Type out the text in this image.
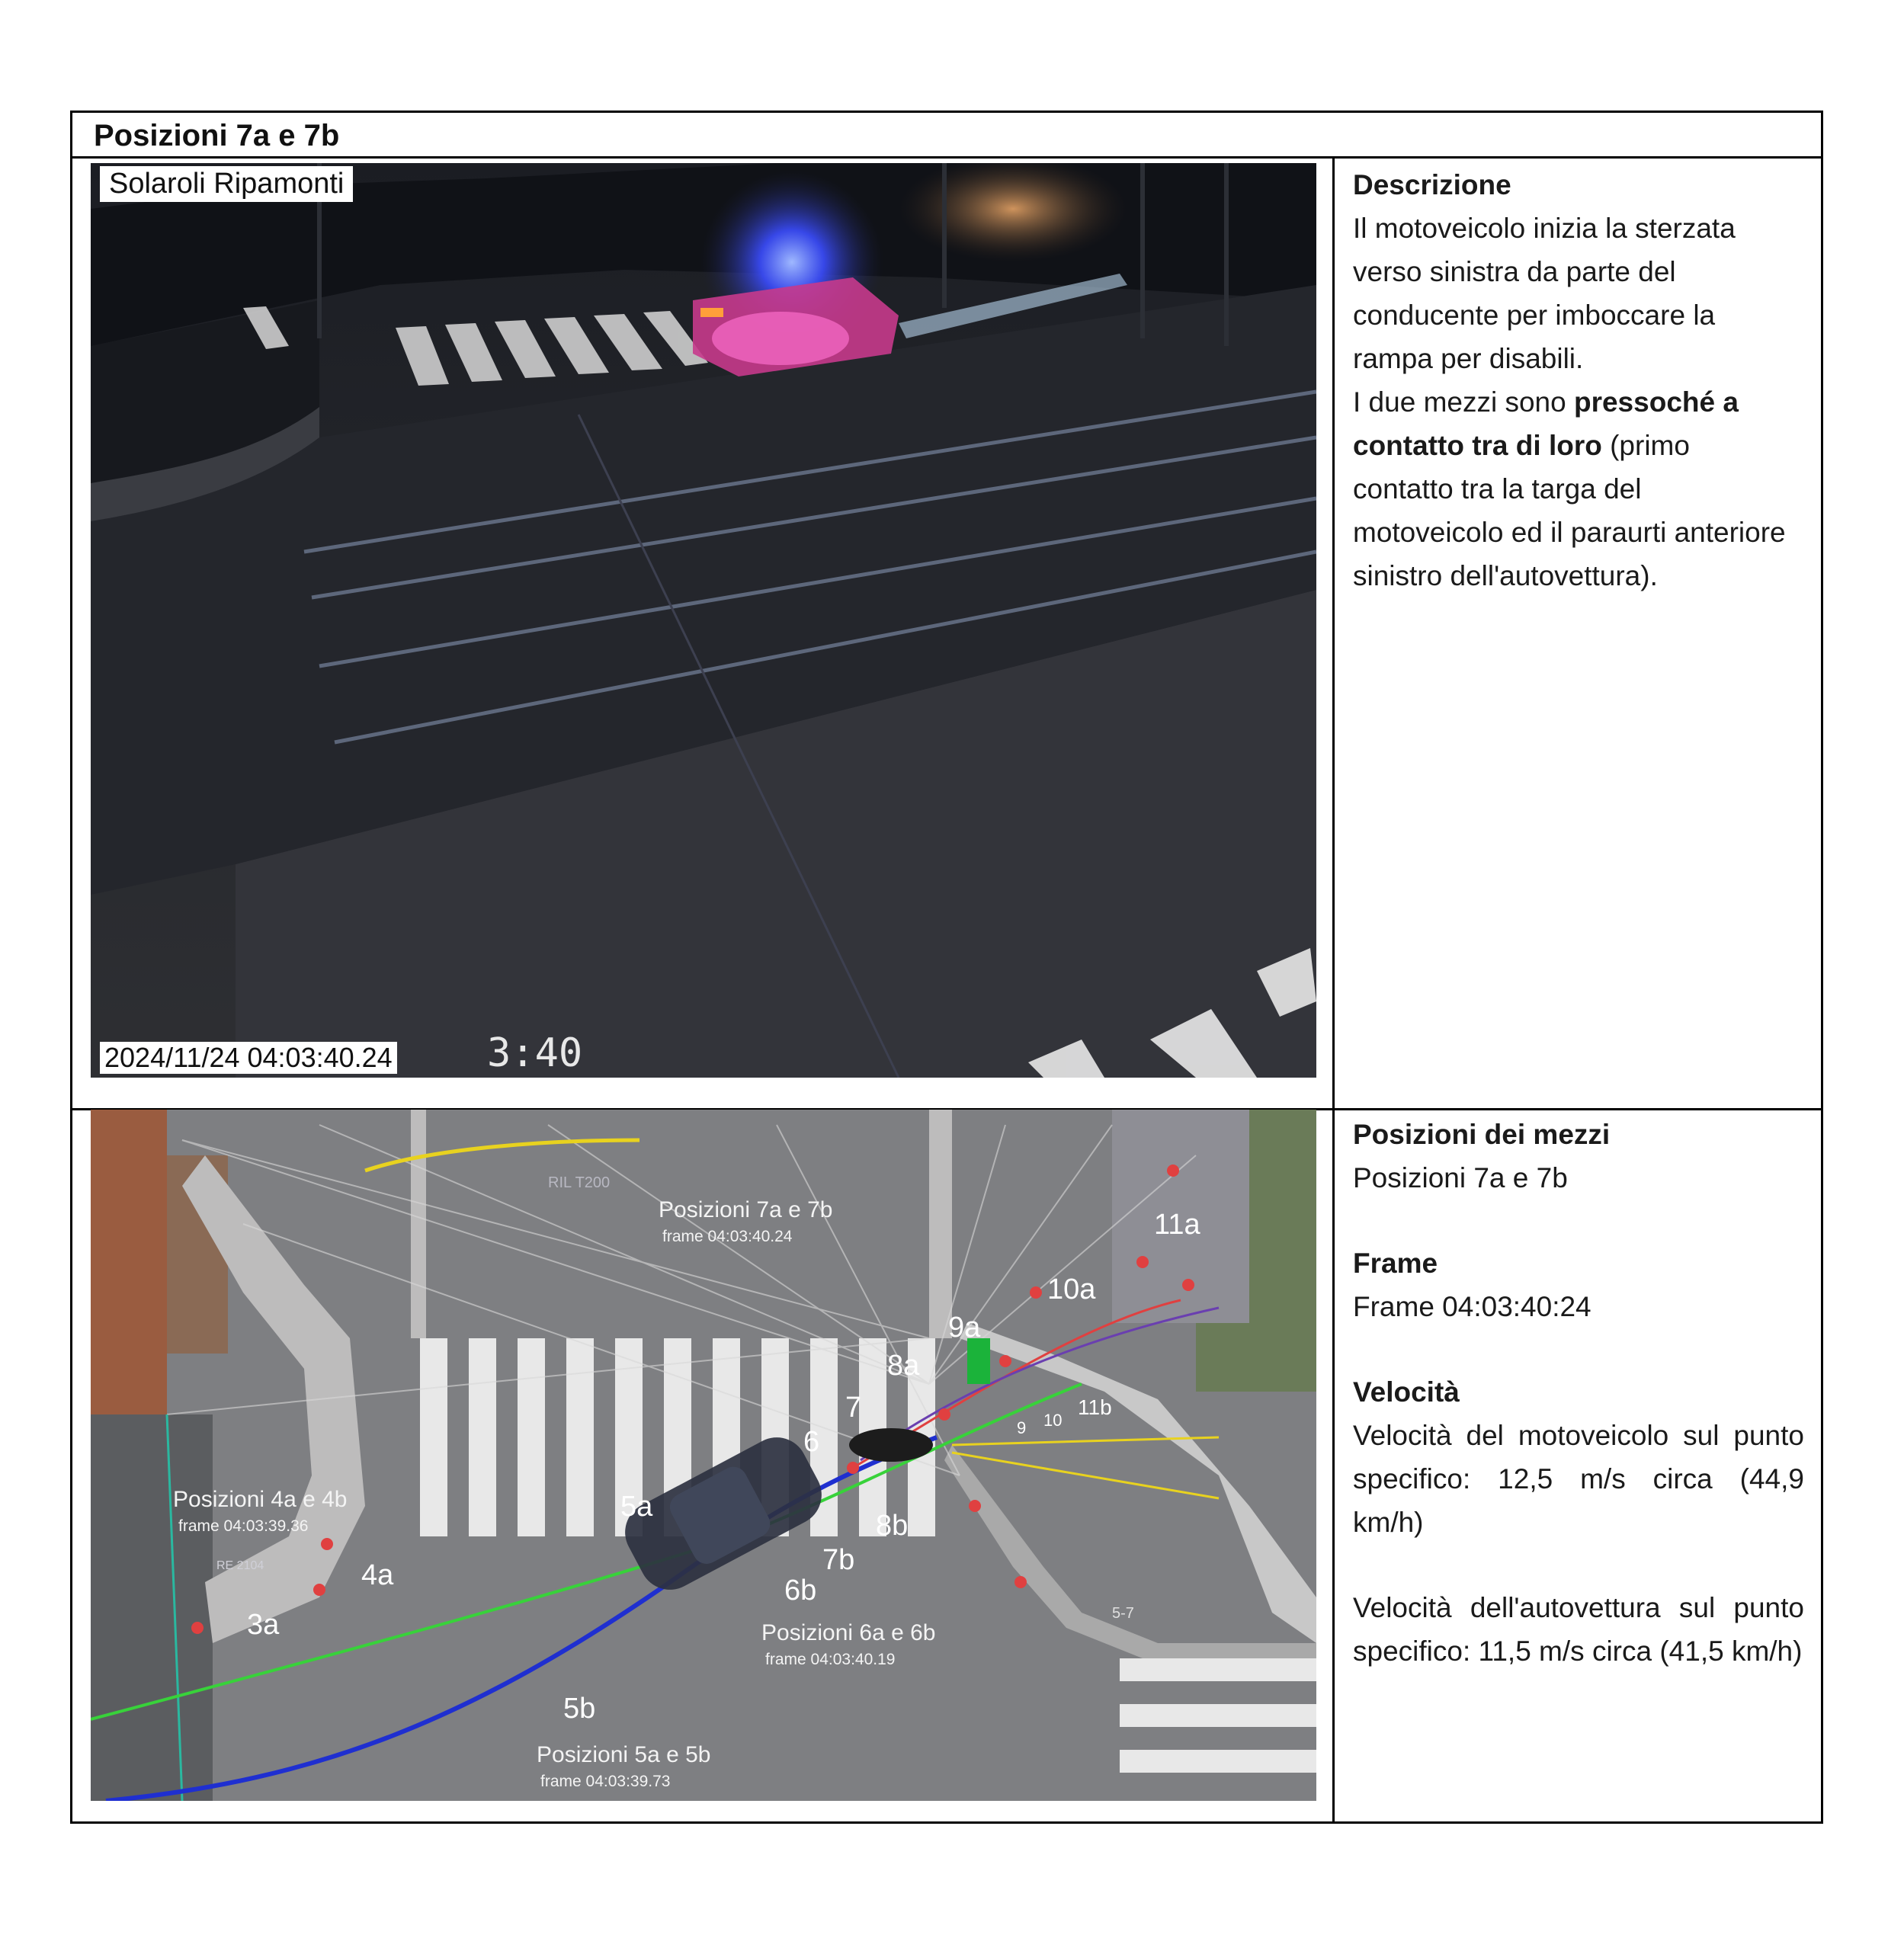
Posizioni 7a e 7b
Solaroli Ripamonti
3:40
2024/11/24 04:03:40.24

Descrizione

Il motoveicolo inizia la sterzata verso sinistra da parte del conducente per imboccare la rampa per disabili.

I due mezzi sono pressoché a contatto tra di loro (primo contatto tra la targa del motoveicolo ed il paraurti anteriore sinistro dell'autovettura).

Posizioni 7a e 7b
frame 04:03:40.24
Posizioni 4a e 4b
frame 04:03:39.36
Posizioni 6a e 6b
frame 04:03:40.19
Posizioni 5a e 5b
frame 04:03:39.73
11a
10a
9a
8a
7
6
5a
8b
7b
6b
4a
3a
5b
11b
10
9
RIL T200
RE 2104
5-7

Posizioni dei mezzi

Posizioni 7a e 7b

Frame

Frame 04:03:40:24

Velocità

Velocità del motoveicolo sul punto specifico: 12,5 m/s circa (44,9 km/h)

Velocità dell'autovettura sul punto specifico: 11,5 m/s circa (41,5 km/h)
